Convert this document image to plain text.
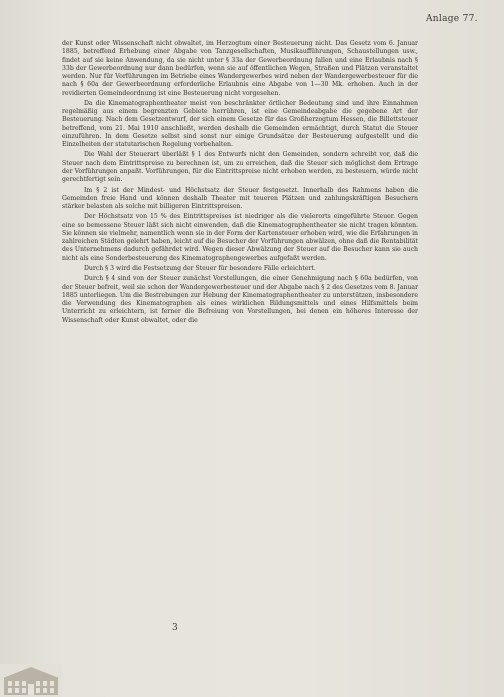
Anlage 77.

der Kunst oder Wissenschaft nicht obwaltet, im Herzogtum einer Besteuerung nicht. Das Gesetz vom 6. Januar 1885, betreffend Erhebung einer Abgabe von Tanzgesellschaften, Musikaufführungen, Schaustellungen usw., findet auf sie keine Anwendung, da sie nicht unter § 33a der Gewerbeordnung fallen und eine Erlaubnis nach § 33b der Gewerbeordnung nur dann bedürfen, wenn sie auf öffentlichen Wegen, Straßen und Plätzen veranstaltet werden. Nur für Vorführungen im Betriebe eines Wandergewerbes wird neben der Wandergewerbesteuer für die nach § 60a der Gewerbeordnung erforderliche Erlaubnis eine Abgabe von 1—30 Mk. erhoben. Auch in der revidierten Gemeindeordnung ist eine Besteuerung nicht vorgesehen.

Da die Kinematographentheater meist von beschränkter örtlicher Bedeutung sind und ihre Einnahmen regelmäßig aus einem begrenzten Gebiete herrühren, ist eine Gemeindeabgabe die gegebene Art der Besteuerung. Nach dem Gesetzentwurf, der sich einem Gesetze für das Großherzogtum Hessen, die Billettsteuer betreffend, vom 21. Mai 1910 anschließt, werden deshalb die Gemeinden ermächtigt, durch Statut die Steuer einzuführen. In dem Gesetze selbst sind sonst nur einige Grundsätze der Besteuerung aufgestellt und die Einzelheiten der statutarischen Regelung vorbehalten.

Die Wahl der Steuerart überläßt § 1 des Entwurfs nicht den Gemeinden, sondern schreibt vor, daß die Steuer nach dem Eintrittspreise zu berechnen ist, um zu erreichen, daß die Steuer sich möglichst dem Ertrage der Vorführungen anpaßt. Vorführungen, für die Eintrittspreise nicht erhoben werden, zu besteuern, würde nicht gerechtfertigt sein.

Im § 2 ist der Mindest- und Höchstsatz der Steuer festgesetzt. Innerhalb des Rahmens haben die Gemeinden freie Hand und können deshalb Theater mit teueren Plätzen und zahlungskräftigen Besuchern stärker belasten als solche mit billigeren Eintrittspreisen.

Der Höchstsatz von 15 % des Eintrittspreises ist niedriger als die vielerorts eingeführte Steuer. Gegen eine so bemessene Steuer läßt sich nicht einwenden, daß die Kinematographentheater sie nicht tragen könnten. Sie können sie vielmehr, namentlich wenn sie in der Form der Kartensteuer erhoben wird, wie die Erfahrungen in zahlreichen Städten gelehrt haben, leicht auf die Besucher der Vorführungen abwälzen, ohne daß die Rentabilität des Unternehmens dadurch gefährdet wird. Wegen dieser Abwälzung der Steuer auf die Besucher kann sie auch nicht als eine Sonderbesteuerung des Kinematographengewerbes aufgefaßt werden.

Durch § 3 wird die Festsetzung der Steuer für besondere Fälle erleichtert.

Durch § 4 sind von der Steuer zunächst Vorstellungen, die einer Genehmigung nach § 60a bedürfen, von der Steuer befreit, weil sie schon der Wandergewerbesteuer und der Abgabe nach § 2 des Gesetzes vom 8. Januar 1885 unterliegen. Um die Bestrebungen zur Hebung der Kinematographentheater zu unterstützen, insbesondere die Verwendung des Kinematographen als eines wirklichen Bildungsmittels und eines Hilfsmittels beim Unterricht zu erleichtern, ist ferner die Befreiung von Vorstellungen, bei denen ein höheres Interesse der Wissenschaft oder Kunst obwaltet, oder die

3
